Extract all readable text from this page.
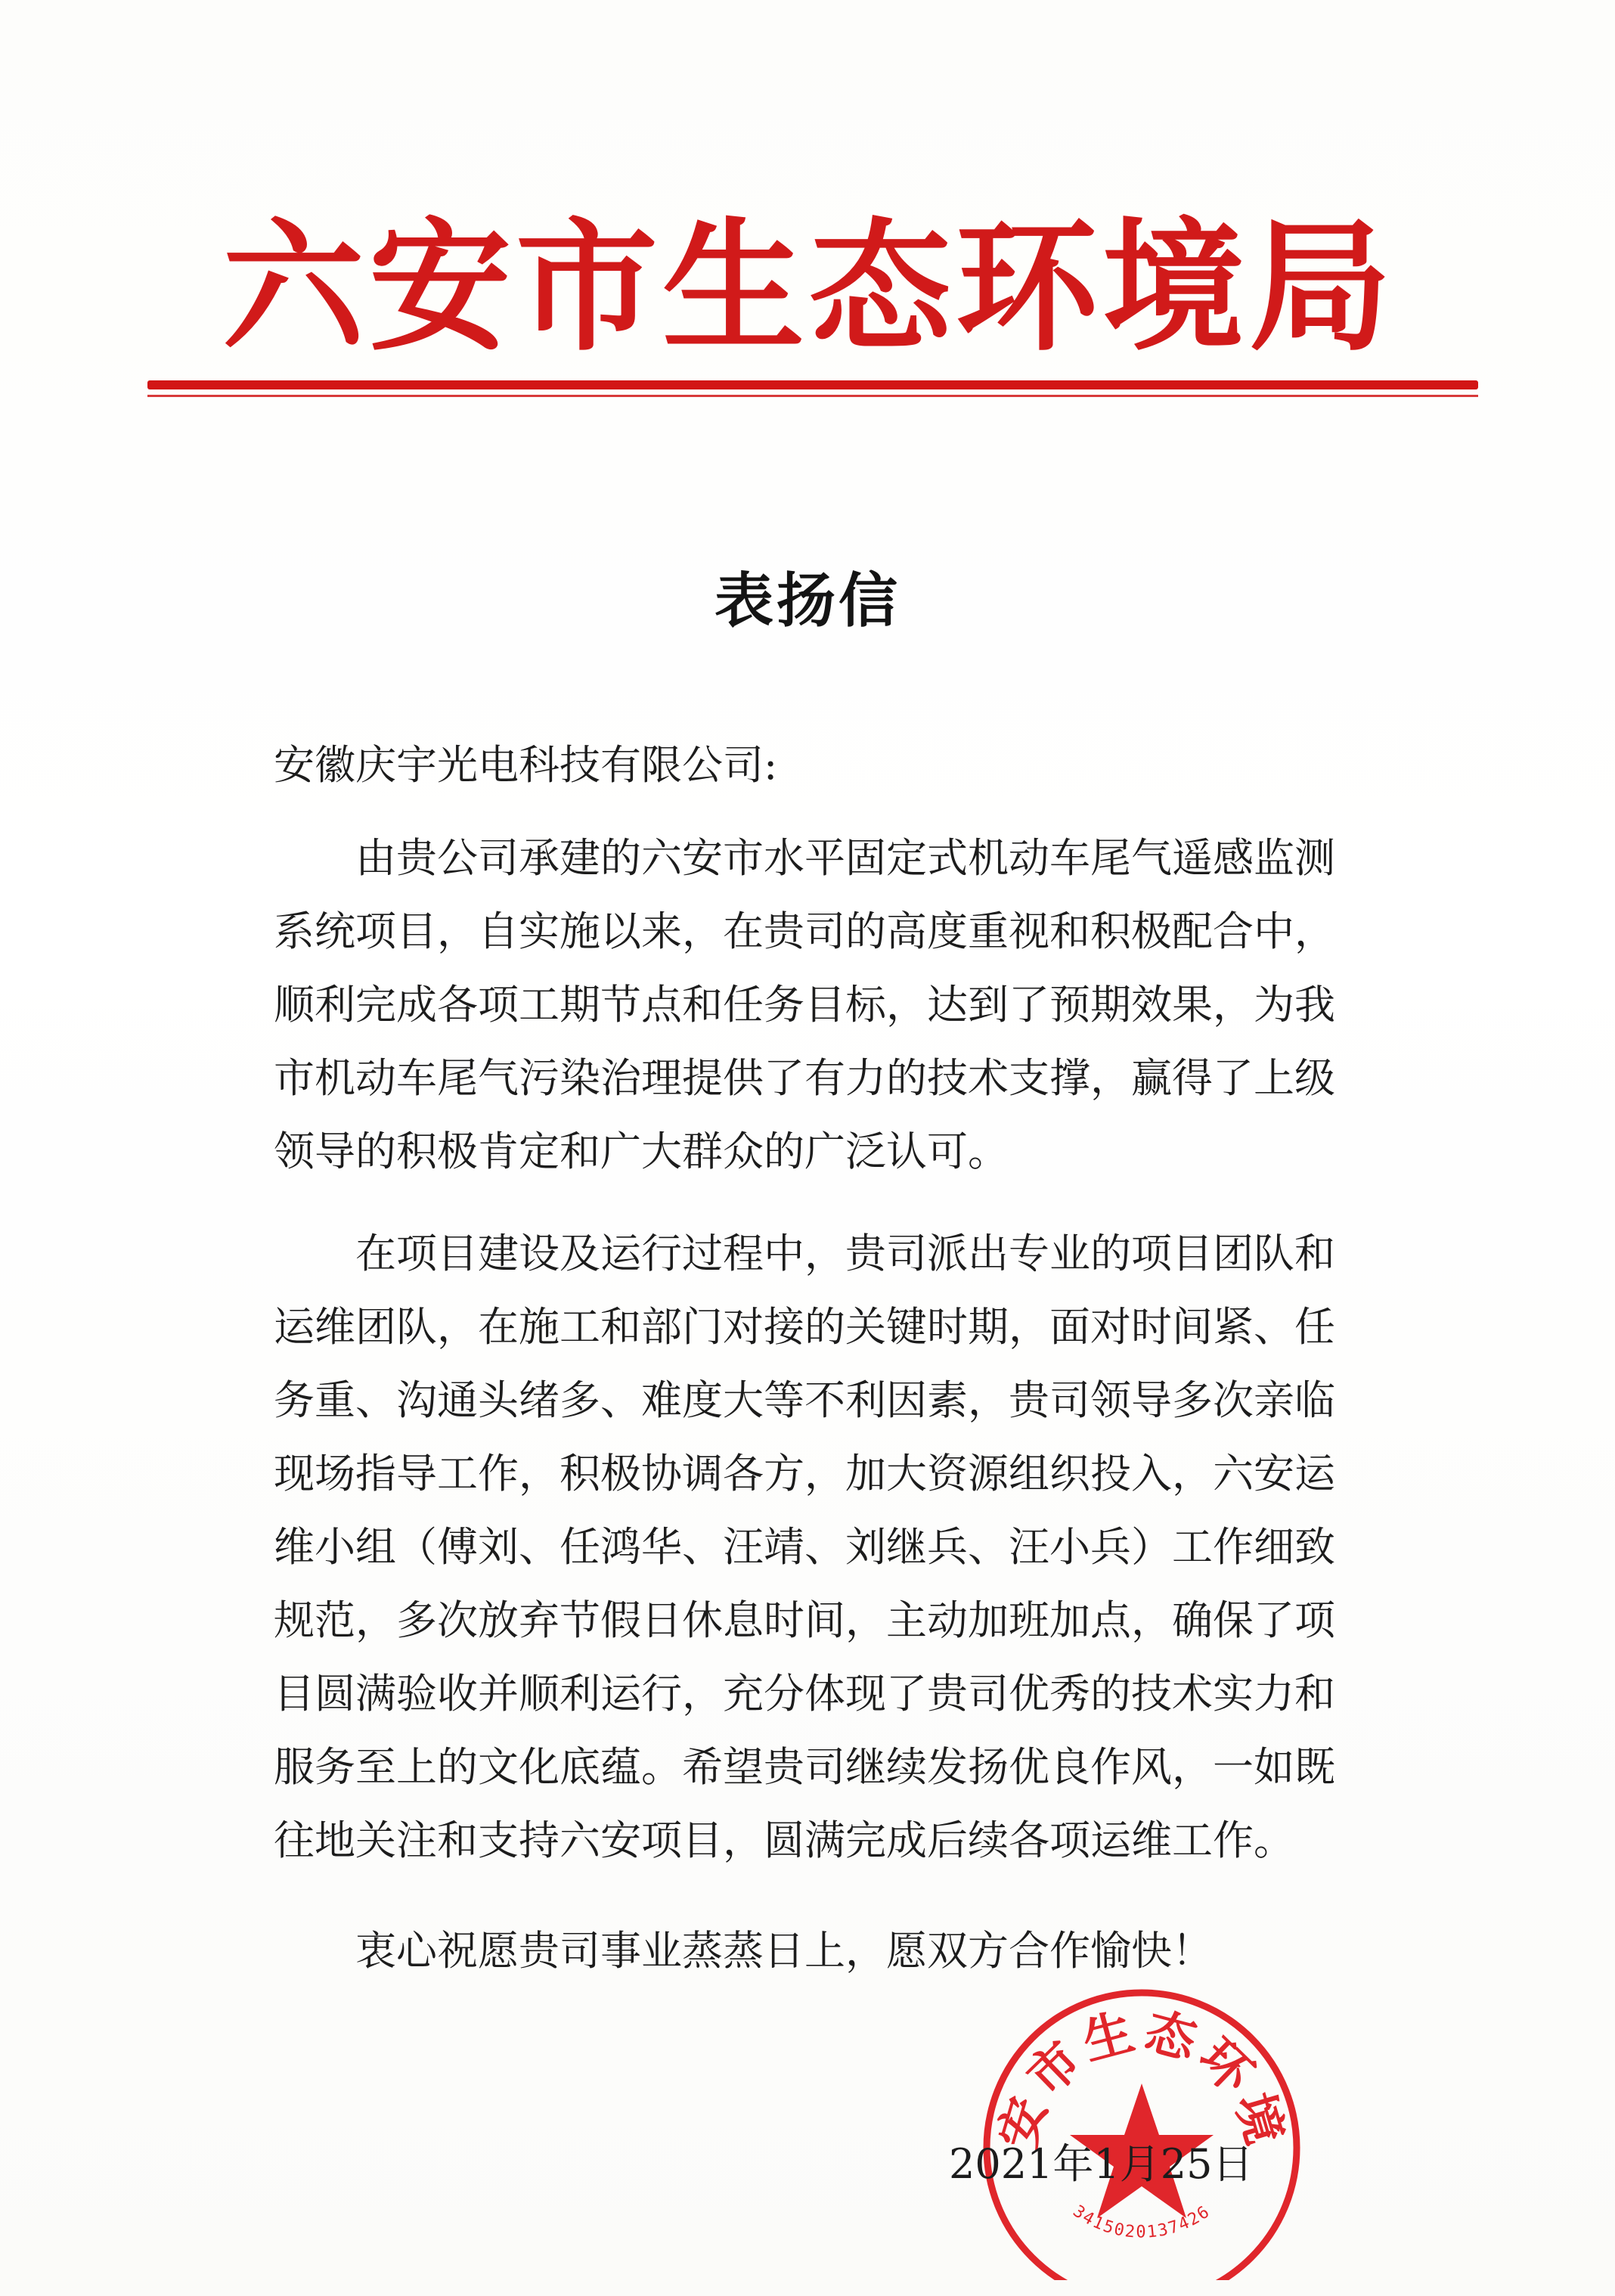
六安市生态环境局
表扬信
安徽庆宇光电科技有限公司:
由贵公司承建的六安市水平固定式机动车尾气遥感监测
系统项目，自实施以来，在贵司的高度重视和积极配合中，
顺利完成各项工期节点和任务目标，达到了预期效果，为我
市机动车尾气污染治理提供了有力的技术支撑，赢得了上级
领导的积极肯定和广大群众的广泛认可。
在项目建设及运行过程中，贵司派出专业的项目团队和
运维团队，在施工和部门对接的关键时期，面对时间紧、任
务重、沟通头绪多、难度大等不利因素，贵司领导多次亲临
现场指导工作，积极协调各方，加大资源组织投入，六安运
维小组（傅刘、任鸿华、汪靖、刘继兵、汪小兵）工作细致
规范，多次放弃节假日休息时间，主动加班加点，确保了项
目圆满验收并顺利运行，充分体现了贵司优秀的技术实力和
服务至上的文化底蕴。希望贵司继续发扬优良作风，一如既
往地关注和支持六安项目，圆满完成后续各项运维工作。
衷心祝愿贵司事业蒸蒸日上，愿双方合作愉快！
安市生态环境
3415020137426
2021年1月25日
